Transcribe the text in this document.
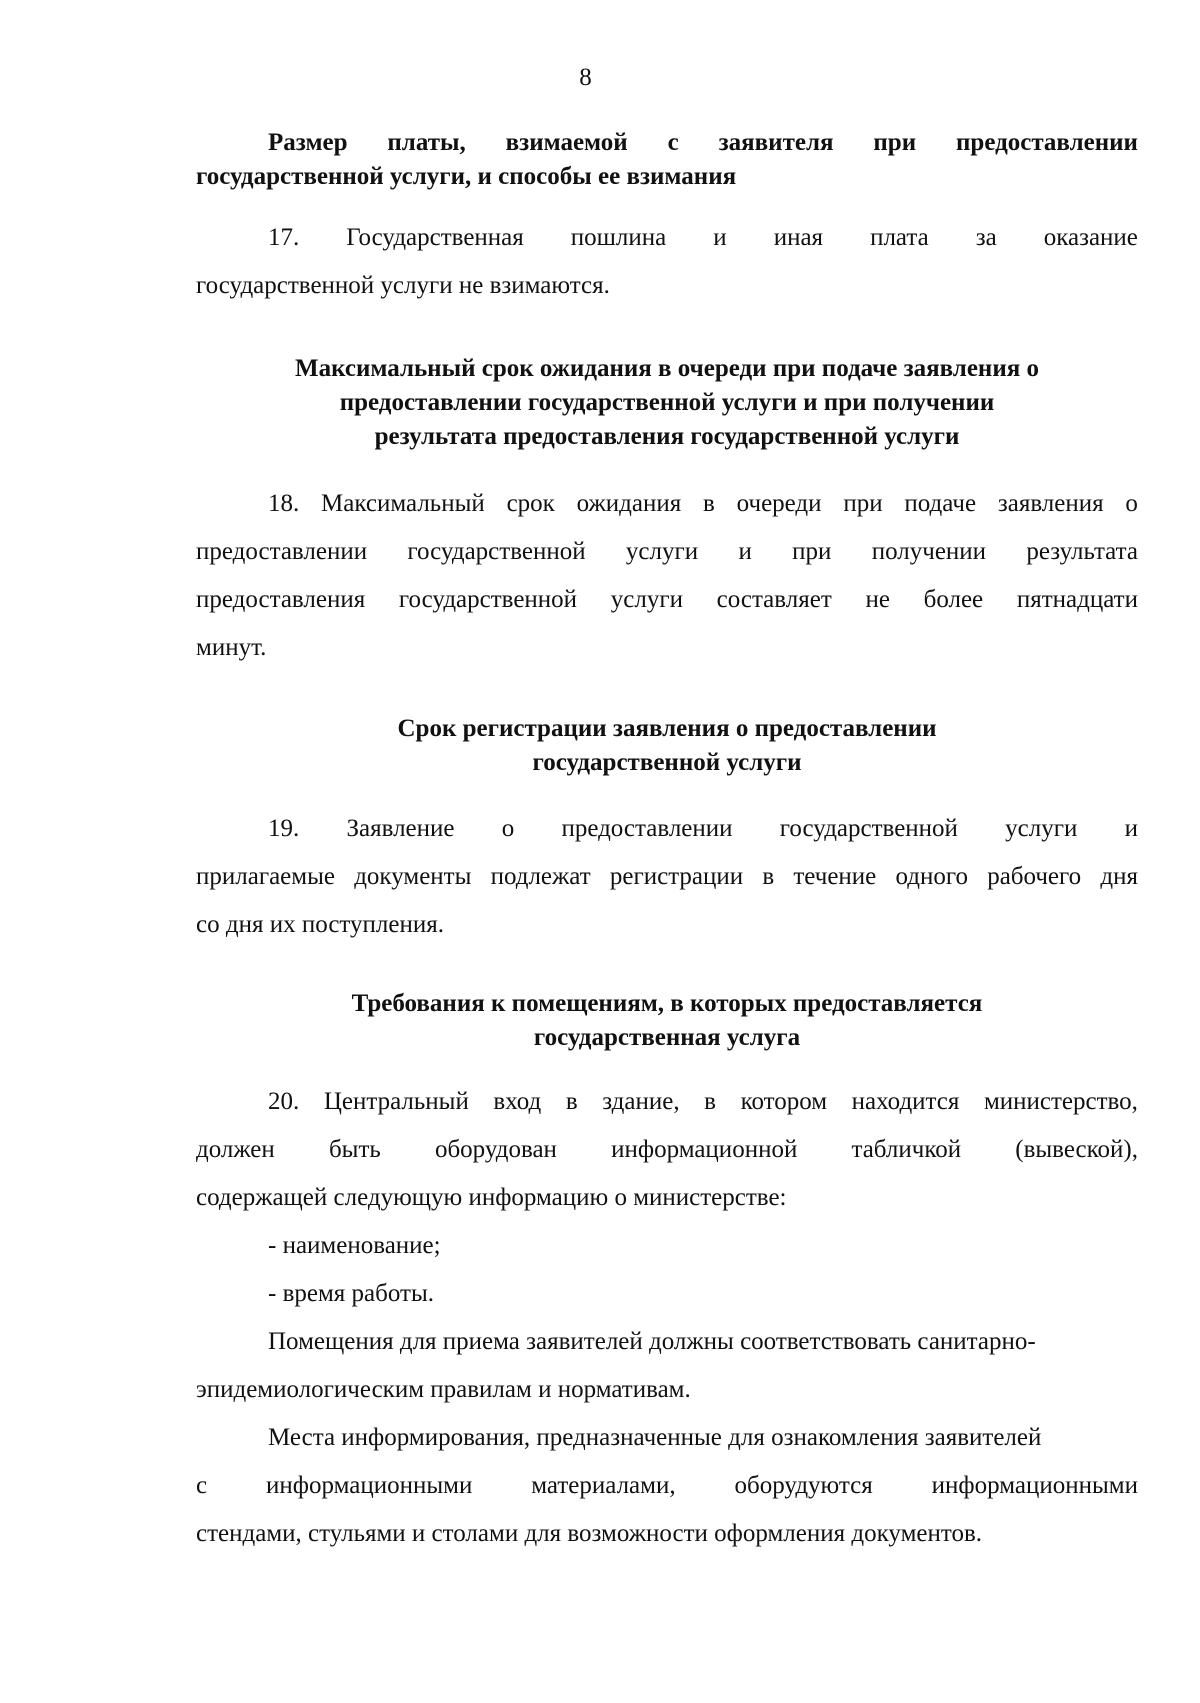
8
Размер платы, взимаемой с заявителя при предоставлении
государственной услуги, и способы ее взимания
17. Государственная пошлина и иная плата за оказание
государственной услуги не взимаются.
Максимальный срок ожидания в очереди при подаче заявления о
предоставлении государственной услуги и при получении
результата предоставления государственной услуги
18. Максимальный срок ожидания в очереди при подаче заявления о
предоставлении государственной услуги и при получении результата
предоставления государственной услуги составляет не более пятнадцати
минут.
Срок регистрации заявления о предоставлении
государственной услуги
19. Заявление о предоставлении государственной услуги и
прилагаемые документы подлежат регистрации в течение одного рабочего дня
со дня их поступления.
Требования к помещениям, в которых предоставляется
государственная услуга
20. Центральный вход в здание, в котором находится министерство,
должен быть оборудован информационной табличкой (вывеской),
содержащей следующую информацию о министерстве:
- наименование;
- время работы.
Помещения для приема заявителей должны соответствовать санитарно-
эпидемиологическим правилам и нормативам.
Места информирования, предназначенные для ознакомления заявителей
с информационными материалами, оборудуются информационными
стендами, стульями и столами для возможности оформления документов.
